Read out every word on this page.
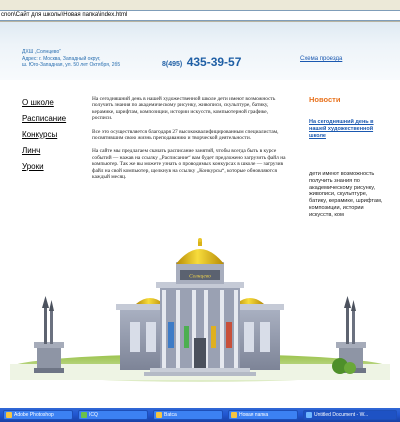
cnon\Сайт для школы\Новая папка\index.html
ДХШ „Солнцево“
Адрес: г. Москва, Западный округ,
ш. Юго-Западная, ул. 50 лет Октября, 2б5	8(495) 435-39-57	Схема проезда
О школе
Расписание
Конкурсы
Линч
Уроки

На сегодняшний день в нашей художественной школе дети имеют возможность получить знания по академическому рисунку, живописи, скульптуре, батику, керамике, шрифтам, композиции, истории искусств, компьютерной графике, росписи.

Все это осуществляется благодаря 27 высококвалифицированным специалистам, посвятившим свою жизнь преподаванию и творческой деятельности.

На сайте мы предлагаем скачать расписание занятий, чтобы всегда быть в курсе событий — нажав на ссылку „Расписание“ вам будет предложено загрузить файл на компьютер. Так же вы можете узнать о проводимых конкурсах в школе — загрузив файл на свой компьютер, щелкнув на ссылку „Конкурсы“, которые обновляются каждый месяц.

Новости
На сегодняшний день в нашей художественной школе
дети имеют возможность получить знания по академическому рисунку, живописи, скульптуре, батику, керамике, шрифтам, композиции, истории искусств, ком
Солнцево
Adobe Photoshop	ICQ	Batca	Новая папка	Untitled Document - W...
